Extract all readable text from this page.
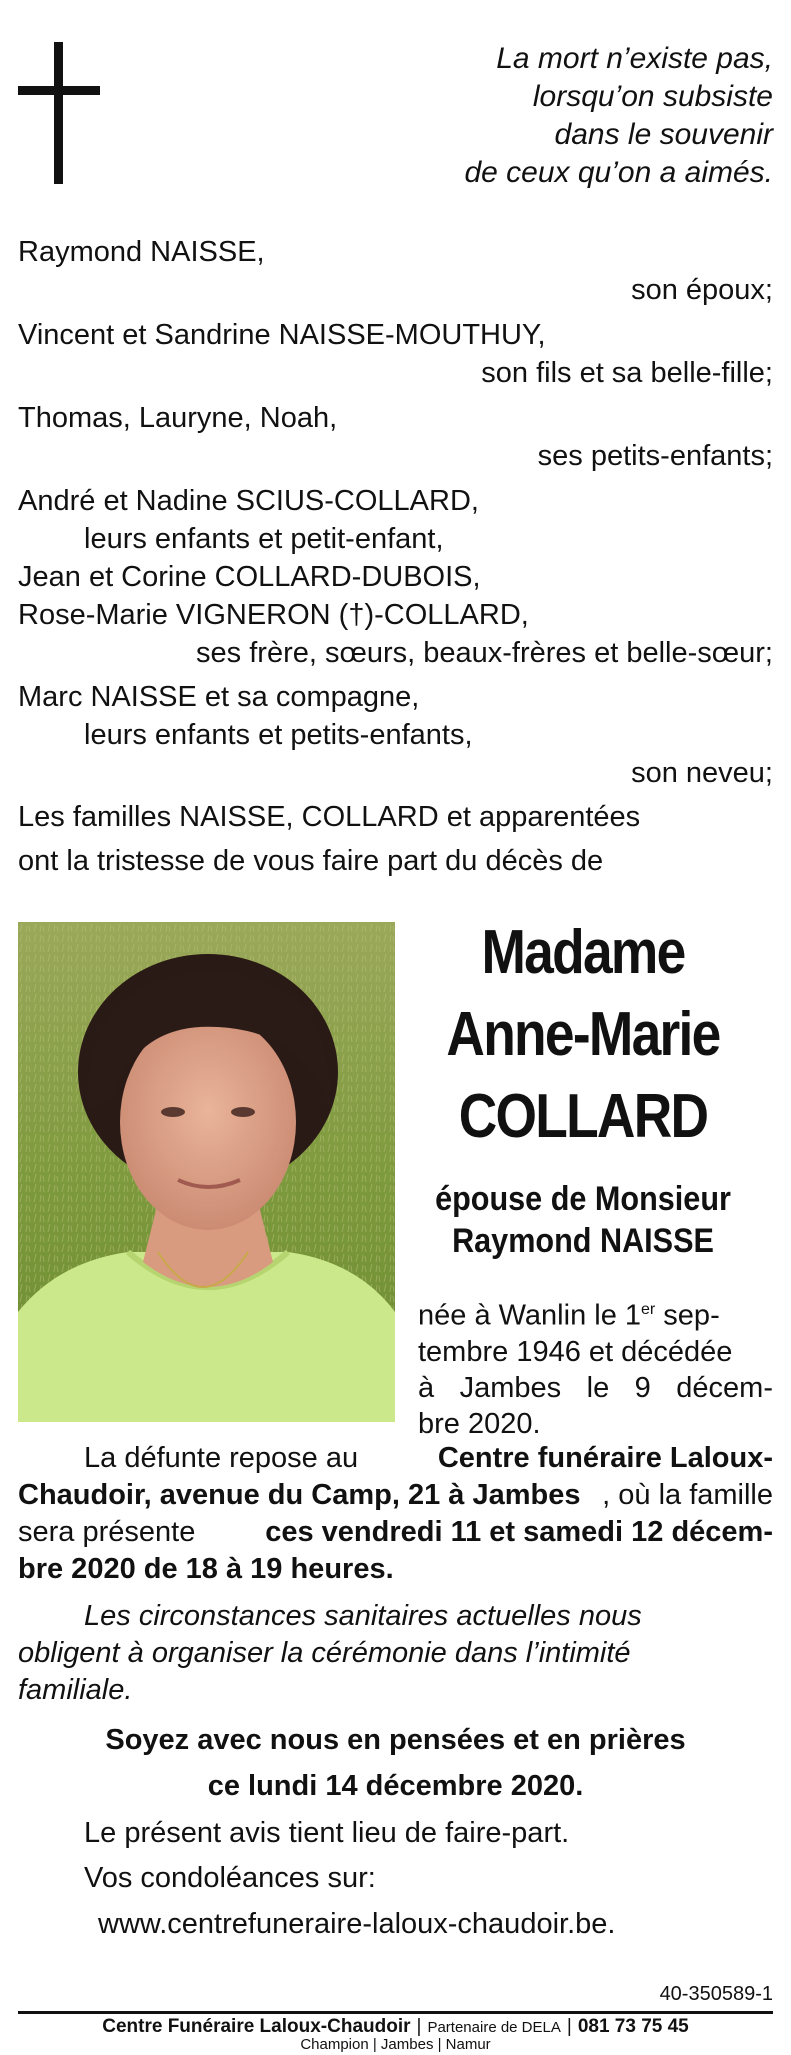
La mort n’existe pas,
lorsqu’on subsiste
dans le souvenir
de ceux qu’on a aimés.
Raymond NAISSE,
son époux;
Vincent et Sandrine NAISSE-MOUTHUY,
son fils et sa belle-fille;
Thomas, Lauryne, Noah,
ses petits-enfants;
André et Nadine SCIUS-COLLARD,
leurs enfants et petit-enfant,
Jean et Corine COLLARD-DUBOIS,
Rose-Marie VIGNERON (†)-COLLARD,
ses frère, sœurs, beaux-frères et belle-sœur;
Marc NAISSE et sa compagne,
leurs enfants et petits-enfants,
son neveu;
Les familles NAISSE, COLLARD et apparentées
ont la tristesse de vous faire part du décès de
Madame
Anne-Marie
COLLARD
épouse de Monsieur
Raymond NAISSE
née à Wanlin le 1er sep-
tembre 1946 et décédée
à Jambes le 9 décem-
bre 2020.
La défunte repose au	Centre funéraire Laloux-
Chaudoir, avenue du Camp, 21 à Jambes , où la famille
sera présente ces vendredi 11 et samedi 12 décem-
bre 2020 de 18 à 19 heures.
Les circonstances sanitaires actuelles nous
obligent à organiser la cérémonie dans l’intimité
familiale.
Soyez avec nous en pensées et en prières
ce lundi 14 décembre 2020.
Le présent avis tient lieu de faire-part.
Vos condoléances sur:
www.centrefuneraire-laloux-chaudoir.be.
40-350589-1
Centre Funéraire Laloux-Chaudoir | Partenaire de DELA | 081 73 75 45
Champion | Jambes | Namur
